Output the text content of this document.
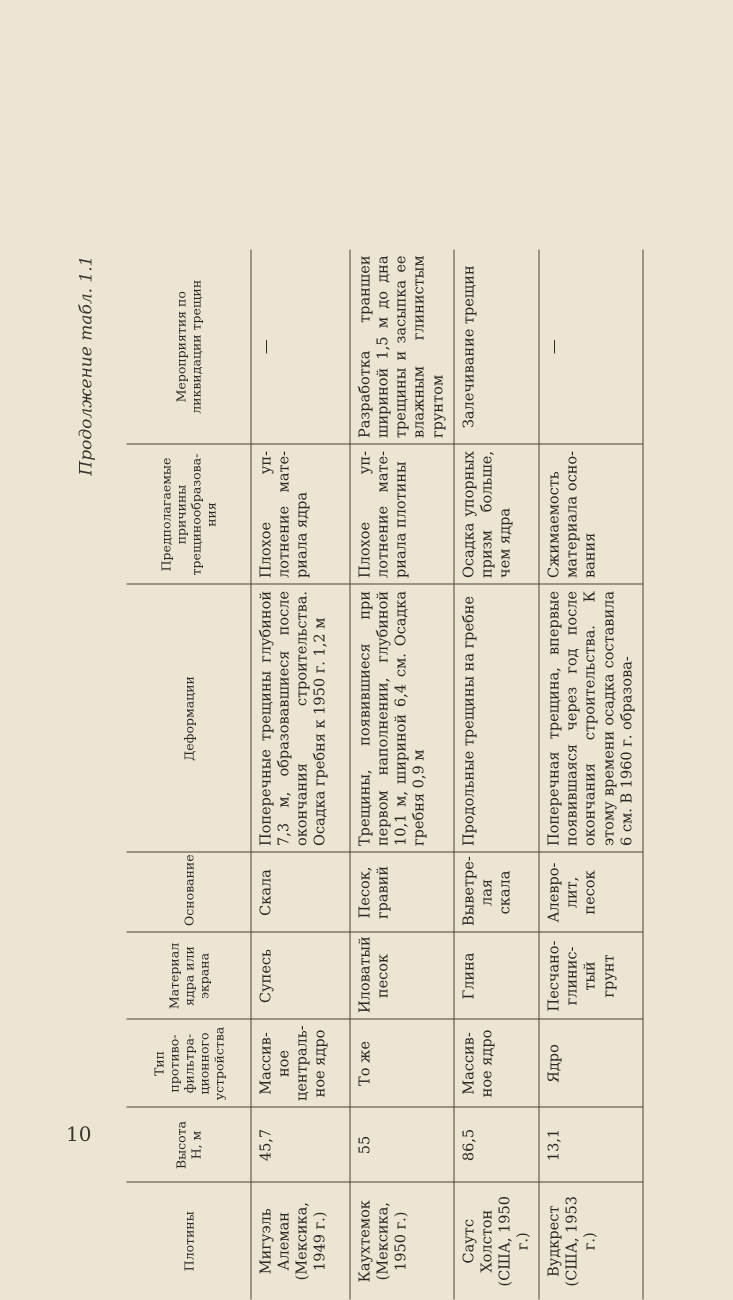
10
Продолжение табл. 1.1
Плотины	Высота H, м	Тип противофильтрационного устройства	Материал ядра или экрана	Основание	Деформации	Предполагаемые причины трещинообразования	Мероприятия по ликвидации трещин
Мигуэль Алеман (Мексика, 1949 г.)	45,7	Массивное центральное ядро	Супесь	Скала	Поперечные трещины глубиной 7,3 м, образовавшиеся после окончания строительства. Осадка гребня к 1950 г. 1,2 м	Плохое уплотнение материала ядра	—
Каухтемок (Мексика, 1950 г.)	55	То же	Иловатый песок	Песок, гравий	Трещины, появившиеся при первом наполнении, глубиной 10,1 м, шириной 6,4 см. Осадка гребня 0,9 м	Плохое уплотнение материала плотины	Разработка траншеи шириной 1,5 м до дна трещины и засыпка ее влажным глинистым грунтом
Саутс Холстон (США, 1950 г.)	86,5	Массивное ядро	Глина	Выветрелая скала	Продольные трещины на гребне	Осадка упорных призм больше, чем ядра	Залечивание трещин
Вудкрест (США, 1953 г.)	13,1	Ядро	Песчаноглинистый грунт	Алевролит, песок	Поперечная трещина, впервые появившаяся через год после окончания строительства. К этому времени осадка составила 6 см. В 1960 г. образова-	Сжимаемость материала основания	—
